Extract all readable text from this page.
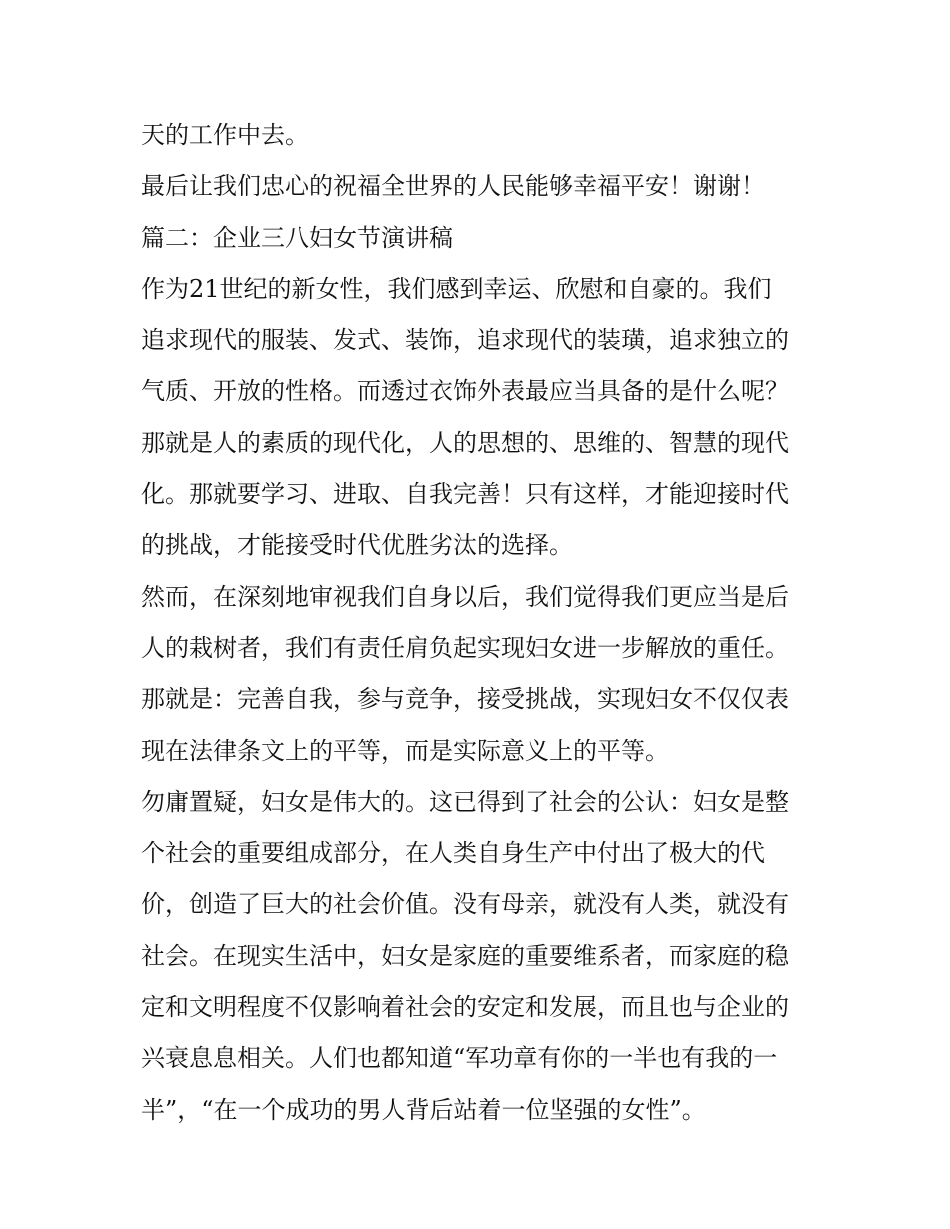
天的工作中去。
最后让我们忠心的祝福全世界的人民能够幸福平安！谢谢！
篇二：企业三八妇女节演讲稿
作为21世纪的新女性，我们感到幸运、欣慰和自豪的。我们
追求现代的服装、发式、装饰，追求现代的装璜，追求独立的
气质、开放的性格。而透过衣饰外表最应当具备的是什么呢？
那就是人的素质的现代化，人的思想的、思维的、智慧的现代
化。那就要学习、进取、自我完善！只有这样，才能迎接时代
的挑战，才能接受时代优胜劣汰的选择。
然而，在深刻地审视我们自身以后，我们觉得我们更应当是后
人的栽树者，我们有责任肩负起实现妇女进一步解放的重任。
那就是：完善自我，参与竞争，接受挑战，实现妇女不仅仅表
现在法律条文上的平等，而是实际意义上的平等。
勿庸置疑，妇女是伟大的。这已得到了社会的公认：妇女是整
个社会的重要组成部分，在人类自身生产中付出了极大的代
价，创造了巨大的社会价值。没有母亲，就没有人类，就没有
社会。在现实生活中，妇女是家庭的重要维系者，而家庭的稳
定和文明程度不仅影响着社会的安定和发展，而且也与企业的
兴衰息息相关。人们也都知道“军功章有你的一半也有我的一
半”，“在一个成功的男人背后站着一位坚强的女性”。
